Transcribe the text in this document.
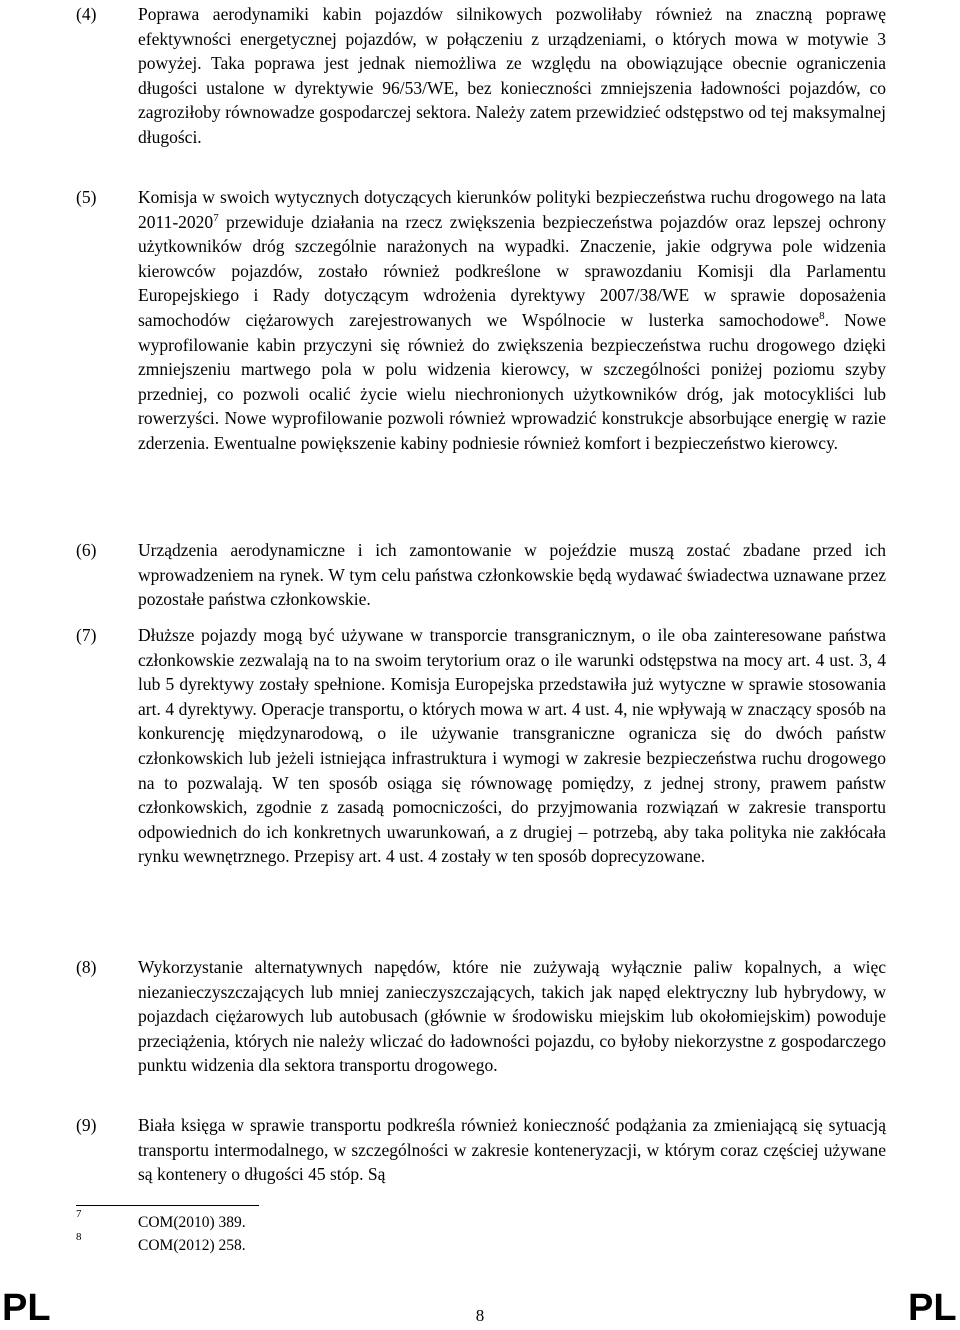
(4) Poprawa aerodynamiki kabin pojazdów silnikowych pozwoliłaby również na znaczną poprawę efektywności energetycznej pojazdów, w połączeniu z urządzeniami, o których mowa w motywie 3 powyżej. Taka poprawa jest jednak niemożliwa ze względu na obowiązujące obecnie ograniczenia długości ustalone w dyrektywie 96/53/WE, bez konieczności zmniejszenia ładowności pojazdów, co zagroziłoby równowadze gospodarczej sektora. Należy zatem przewidzieć odstępstwo od tej maksymalnej długości.
(5) Komisja w swoich wytycznych dotyczących kierunków polityki bezpieczeństwa ruchu drogowego na lata 2011-2020$^7$ przewiduje działania na rzecz zwiększenia bezpieczeństwa pojazdów oraz lepszej ochrony użytkowników dróg szczególnie narażonych na wypadki. Znaczenie, jakie odgrywa pole widzenia kierowców pojazdów, zostało również podkreślone w sprawozdaniu Komisji dla Parlamentu Europejskiego i Rady dotyczącym wdrożenia dyrektywy 2007/38/WE w sprawie doposażenia samochodów ciężarowych zarejestrowanych we Wspólnocie w lusterka samochodowe$^8$. Nowe wyprofilowanie kabin przyczyni się również do zwiększenia bezpieczeństwa ruchu drogowego dzięki zmniejszeniu martwego pola w polu widzenia kierowcy, w szczególności poniżej poziomu szyby przedniej, co pozwoli ocalić życie wielu niechronionych użytkowników dróg, jak motocykliści lub rowerzyści. Nowe wyprofilowanie pozwoli również wprowadzić konstrukcje absorbujące energię w razie zderzenia. Ewentualne powiększenie kabiny podniesie również komfort i bezpieczeństwo kierowcy.
(6) Urządzenia aerodynamiczne i ich zamontowanie w pojeździe muszą zostać zbadane przed ich wprowadzeniem na rynek. W tym celu państwa członkowskie będą wydawać świadectwa uznawane przez pozostałe państwa członkowskie.
(7) Dłuższe pojazdy mogą być używane w transporcie transgranicznym, o ile oba zainteresowane państwa członkowskie zezwalają na to na swoim terytorium oraz o ile warunki odstępstwa na mocy art. 4 ust. 3, 4 lub 5 dyrektywy zostały spełnione. Komisja Europejska przedstawiła już wytyczne w sprawie stosowania art. 4 dyrektywy. Operacje transportu, o których mowa w art. 4 ust. 4, nie wpływają w znaczący sposób na konkurencję międzynarodową, o ile używanie transgraniczne ogranicza się do dwóch państw członkowskich lub jeżeli istniejąca infrastruktura i wymogi w zakresie bezpieczeństwa ruchu drogowego na to pozwalają. W ten sposób osiąga się równowagę pomiędzy, z jednej strony, prawem państw członkowskich, zgodnie z zasadą pomocniczości, do przyjmowania rozwiązań w zakresie transportu odpowiednich do ich konkretnych uwarunkowań, a z drugiej – potrzebą, aby taka polityka nie zakłócała rynku wewnętrznego. Przepisy art. 4 ust. 4 zostały w ten sposób doprecyzowane.
(8) Wykorzystanie alternatywnych napędów, które nie zużywają wyłącznie paliw kopalnych, a więc niezanieczyszczających lub mniej zanieczyszczających, takich jak napęd elektryczny lub hybrydowy, w pojazdach ciężarowych lub autobusach (głównie w środowisku miejskim lub okołomiejskim) powoduje przeciążenia, których nie należy wliczać do ładowności pojazdu, co byłoby niekorzystne z gospodarczego punktu widzenia dla sektora transportu drogowego.
(9) Biała księga w sprawie transportu podkreśla również konieczność podążania za zmieniającą się sytuacją transportu intermodalnego, w szczególności w zakresie konteneryzacji, w którym coraz częściej używane są kontenery o długości 45 stóp. Są
7	COM(2010) 389.
8	COM(2012) 258.
PL	8	PL
